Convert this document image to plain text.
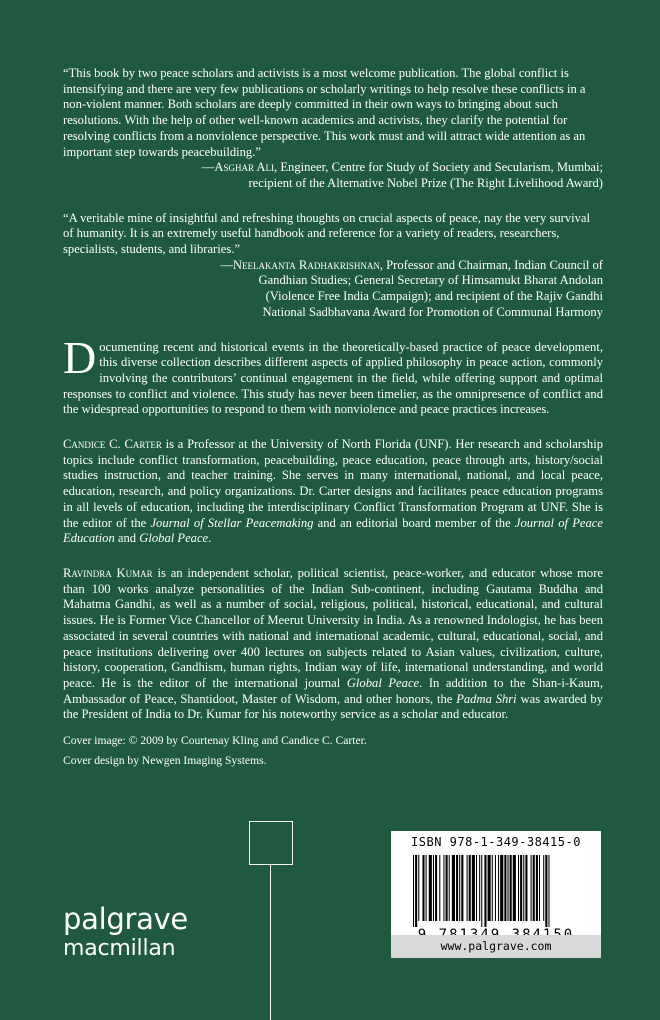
“This book by two peace scholars and activists is a most welcome publication. The global conflict is intensifying and there are very few publications or scholarly writings to help resolve these conflicts in a non-violent manner. Both scholars are deeply committed in their own ways to bringing about such resolutions. With the help of other well-known academics and activists, they clarify the potential for resolving conflicts from a nonviolence perspective. This work must and will attract wide attention as an important step towards peacebuilding.”

—Asghar Ali, Engineer, Centre for Study of Society and Secularism, Mumbai;
recipient of the Alternative Nobel Prize (The Right Livelihood Award)

“A veritable mine of insightful and refreshing thoughts on crucial aspects of peace, nay the very survival of humanity. It is an extremely useful handbook and reference for a variety of readers, researchers, specialists, students, and libraries.”

—Neelakanta Radhakrishnan, Professor and Chairman, Indian Council of
Gandhian Studies; General Secretary of Himsamukt Bharat Andolan
(Violence Free India Campaign); and recipient of the Rajiv Gandhi
National Sadbhavana Award for Promotion of Communal Harmony

Documenting recent and historical events in the theoretically-based practice of peace development, this diverse collection describes different aspects of applied philosophy in peace action, commonly involving the contributors’ continual engagement in the field, while offering support and optimal responses to conflict and violence. This study has never been timelier, as the omnipresence of conflict and the widespread opportunities to respond to them with nonviolence and peace practices increases.

Candice C. Carter is a Professor at the University of North Florida (UNF). Her research and scholarship topics include conflict transformation, peacebuilding, peace education, peace through arts, history/social studies instruction, and teacher training. She serves in many international, national, and local peace, education, research, and policy organizations. Dr. Carter designs and facilitates peace education programs in all levels of education, including the interdisciplinary Conflict Transformation Program at UNF. She is the editor of the Journal of Stellar Peacemaking and an editorial board member of the Journal of Peace Education and Global Peace.

Ravindra Kumar is an independent scholar, political scientist, peace-worker, and educator whose more than 100 works analyze personalities of the Indian Sub-continent, including Gautama Buddha and Mahatma Gandhi, as well as a number of social, religious, political, historical, educational, and cultural issues. He is Former Vice Chancellor of Meerut University in India. As a renowned Indologist, he has been associated in several countries with national and international academic, cultural, educational, social, and peace institutions delivering over 400 lectures on subjects related to Asian values, civilization, culture, history, cooperation, Gandhism, human rights, Indian way of life, international understanding, and world peace. He is the editor of the international journal Global Peace. In addition to the Shan-i-Kaum, Ambassador of Peace, Shantidoot, Master of Wisdom, and other honors, the Padma Shri was awarded by the President of India to Dr. Kumar for his noteworthy service as a scholar and educator.

Cover image: © 2009 by Courtenay Kling and Candice C. Carter.

Cover design by Newgen Imaging Systems.

palgrave
macmillan
ISBN 978-1-349-38415-0
www.palgrave.com
